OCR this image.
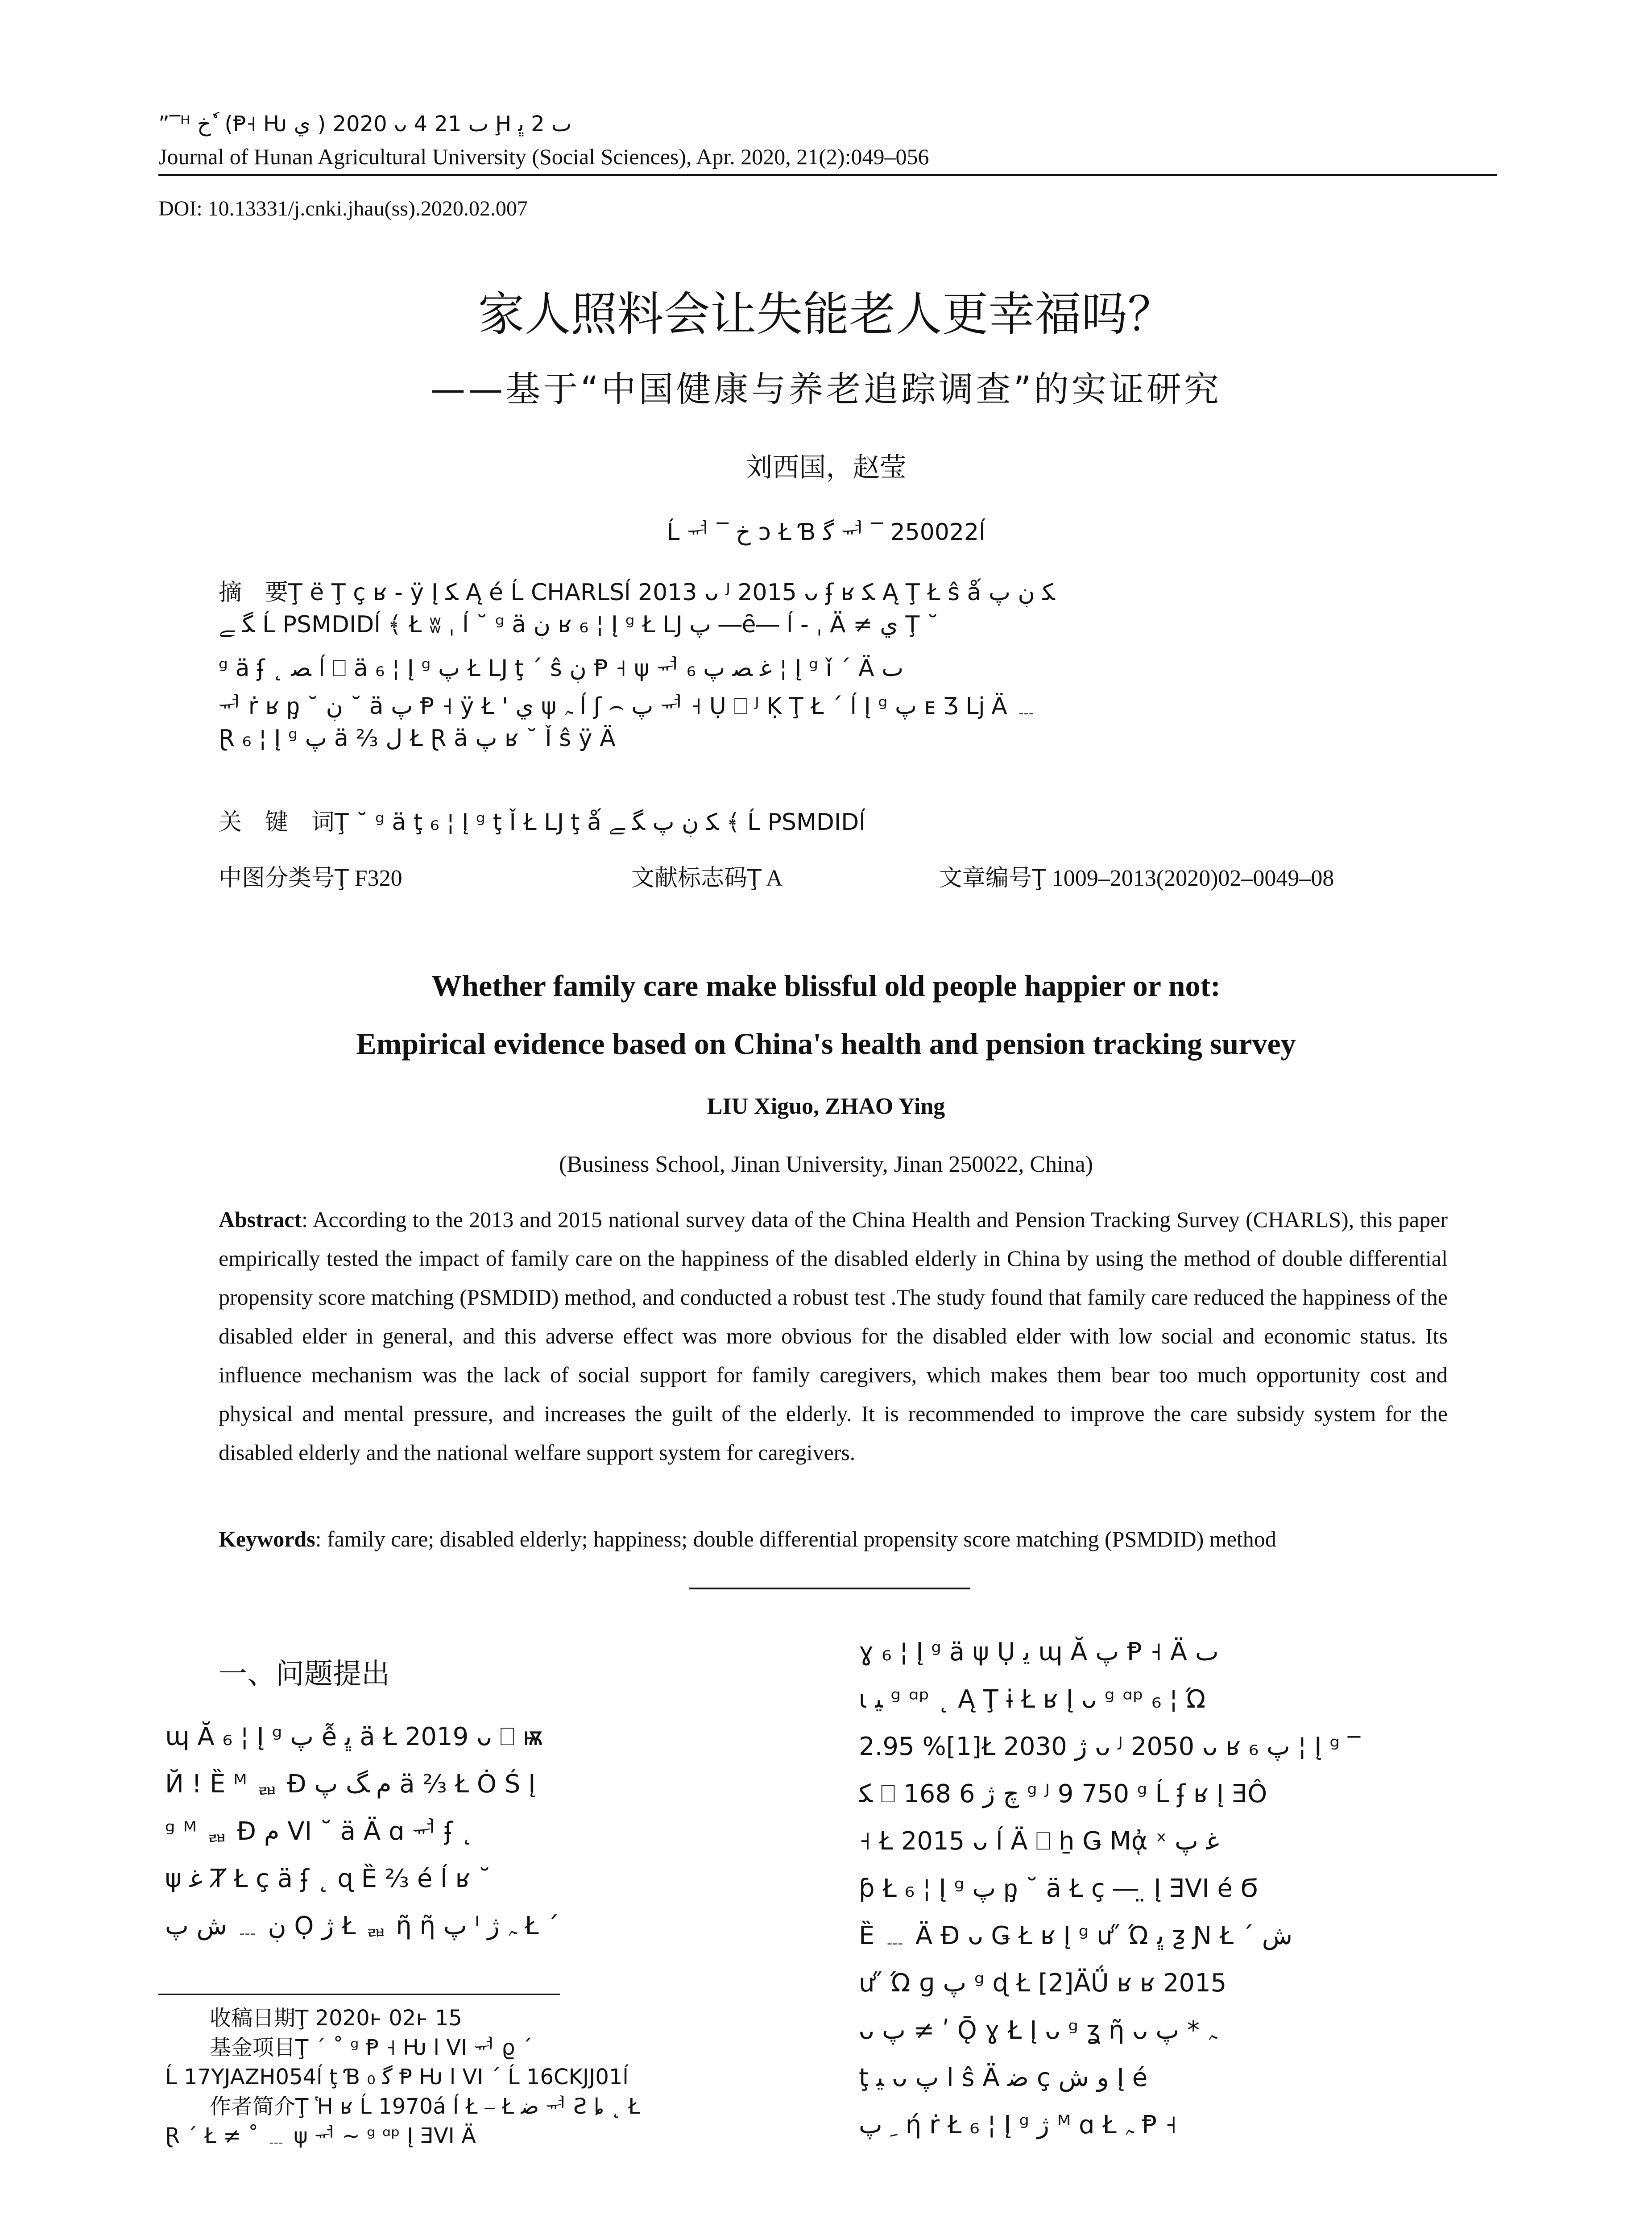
”‾ᴴ ﺥ ٗ (Ᵽ˧ Ƕ ي ) 2020 ᴗ 4 ٮ 21 Ḩ ٮ 2 ﭜ
Journal of Hunan Agricultural University (Social Sciences), Apr. 2020, 21(2):049–056
DOI: 10.13331/j.cnki.jhau(ss).2020.02.007
家人照料会让失能老人更幸福吗？
——基于“中国健康与养老追踪调查”的实证研究
刘西国，赵莹
Ĺ ᆏ ‾ ﺥ ᴐ Ł Ɓ ﮔ ᆏ ‾ 250022ĺ
摘　要Ţ ë Ţ ç ʁ - ÿ Į ﮑ Ą é Ĺ CHARLSĺ 2013 ᴗ ᴶ 2015 ᴗ ʄ ʁ ﮑ Ą Ţ Ł ŝ ǻ ﮑ ڹ پ
ﮕ ﮯ Ĺ PSMDIDĺ ﴾ Ł ʬ ˌ ĺ ˘ ᵍ ä ڹ ʁ ₆ ¦ Į ᵍ Ł Ǉ پ ―ȇ― ĺ - ˌ Ä ≠ ي Ţ ˘
ᵍ ä ʄ ˛ ﺼ ĺ ⎕ ä ₆ ¦ Į ᵍ پ Ł Ǉ ţ ˊ ŝ ڹ Ᵽ ˧ ψ ᆏ ﻏ ﺼ پ ₆ ¦ Į ᵍ ǐ ˊ Ä ٮ
ᆏ ṙ ʁ ᶈ ˘ ڹ ˘ ä پ Ᵽ ˧ ÿ Ł ' ي ψ ﮧ ĺ ʃ ⌢ پ ᆏ ˧ Ụ ⎕ ᴶ Ḳ Ţ Ł ˊ ĺ Į ᵍ پ ᴇ Ʒ ǈ Ä ﹍
Ɽ ₆ ¦ Į ᵍ پ ä ⅔ ﻝ Ł Ɽ ä پ ʁ ˘ Ǐ ŝ ÿ Ä
关　键　词Ţ ˘ ᵍ ä ţ ₆ ¦ Į ᵍ ţ Ǐ Ł Ǉ ţ ǻ ﮑ ڹ پ ﮕ ﮯ ﴾ Ĺ PSMDIDĺ
中图分类号Ţ F320	文献标志码Ţ A	文章编号Ţ 1009–2013(2020)02–0049–08
Whether family care make blissful old people happier or not:
Empirical evidence based on China's health and pension tracking survey
LIU Xiguo, ZHAO Ying
(Business School, Jinan University, Jinan 250022, China)
Abstract: According to the 2013 and 2015 national survey data of the China Health and Pension Tracking Survey (CHARLS), this paper empirically tested the impact of family care on the happiness of the disabled elderly in China by using the method of double differential propensity score matching (PSMDID) method, and conducted a robust test .The study found that family care reduced the happiness of the disabled elder in general, and this adverse effect was more obvious for the disabled elder with low social and economic status. Its influence mechanism was the lack of social support for family caregivers, which makes them bear too much opportunity cost and physical and mental pressure, and increases the guilt of the elderly. It is recommended to improve the care subsidy system for the disabled elderly and the national welfare support system for caregivers.
Keywords: family care; disabled elderly; happiness; double differential propensity score matching (PSMDID) method
一、问题提出
ɰ Ă ₆ ¦ Į ᵍ پ ễ ﭜ ä Ł 2019 ᴗ ⎕ ѭ
Й ! Ȅ ᴹ ᆲ Ɖ ﻡ ﮓ پ ä ⅔ Ł Ȯ Ś Į
ᵍ ᴹ ᆲ Ɖ ﻡ ⅤI ˘ ä Ä ɑ ᆏ ʄ ˛
ψ ﻏ Ⱦ Ł ç ä ʄ ˛ ɋ Ȅ ⅔ é ĺ ʁ ˘
ڹ ﹍ ﺵ پ Ọ ژ Ł ᆲ ῆ ῆ پ ᴵ ﮧ ژ Ł ˊ
收稿日期Ţ 2020ⱶ 02ⱶ 15
基金项目Ţ ˊ ˚ ᵍ Ᵽ ˧ Ƕ ⅼ ⅤI ᆏ ϱ ˊ
Ĺ 17YJAZH054ĺ ţ Ɓ ﮔ ₀ Ᵽ Ƕ ⅼ ⅤI ˊ Ĺ 16CKJJ01ĺ
作者简介Ţ Ἡ ʁ Ĺ 1970á ĺ Ł ⎯ Ł ﺿ ᆏ Ƨ ȴ ˛ Ł
Ɽ ˊ Ł ≠ ˚ ﹍ ψ ᆏ ~ ᵍ ᵅᵖ Į ƎⅤI Ä
ɣ ₆ ¦ Į ᵍ ä ψ Ụ ﯾ ɰ Ă پ Ᵽ ˧ Ä ٮ
ɩ ﯿ ᵍ ᵅᵖ ˛ Ą Ţ ɨ Ł ʁ Į ᴗ ᵍ ᵅᵖ ₆ ¦ Ώ
2.95 %[1]Ł ژ 2030 ᴗ ᴶ 2050 ᴗ ʁ پ ₆ ¦ Į ᵍ ‾
ﮑ ⎕ ﭺ ژ 6 168 ᵍ ᴶ 9 750 ᵍ Ĺ ʄ ʁ Į ƎÔ
˧ Ł 2015 ᴗ ĺ Ä ⎕ ẖ Ǥ Mᾀ ˣ ﻏ پ
ƥ Ł ₆ ¦ Į ᵍ پ ᶈ ˘ ä Ł ç ― ̤ Į ƎⅤI é Ϭ
Ȅ ﹍ Ä Ɖ ᴗ Ǥ Ł ʁ Į ᵍ ư ̋ Ώ ﭜ ƺ Ɲ Ł ˊ ﺵ
ư ̋ Ώ ɡ پ ᵍ ɖ Ł [2]ÄǗ ʁ ʁ 2015
ᴗ پ ≠ ʹ Ǭ ɣ Ł Į ᴗ ᵍ ʓ ῆ ᴗ ﮧ * پ
ţ ﯿ ᴗ ا پ ŝ Ä ﺿ ç ﻭ ﺵ Į é
ﹺ پ ή ṙ Ł ₆ ¦ Į ᵍ ژ ᴹ ɑ Ł ﮧ Ᵽ ˧
